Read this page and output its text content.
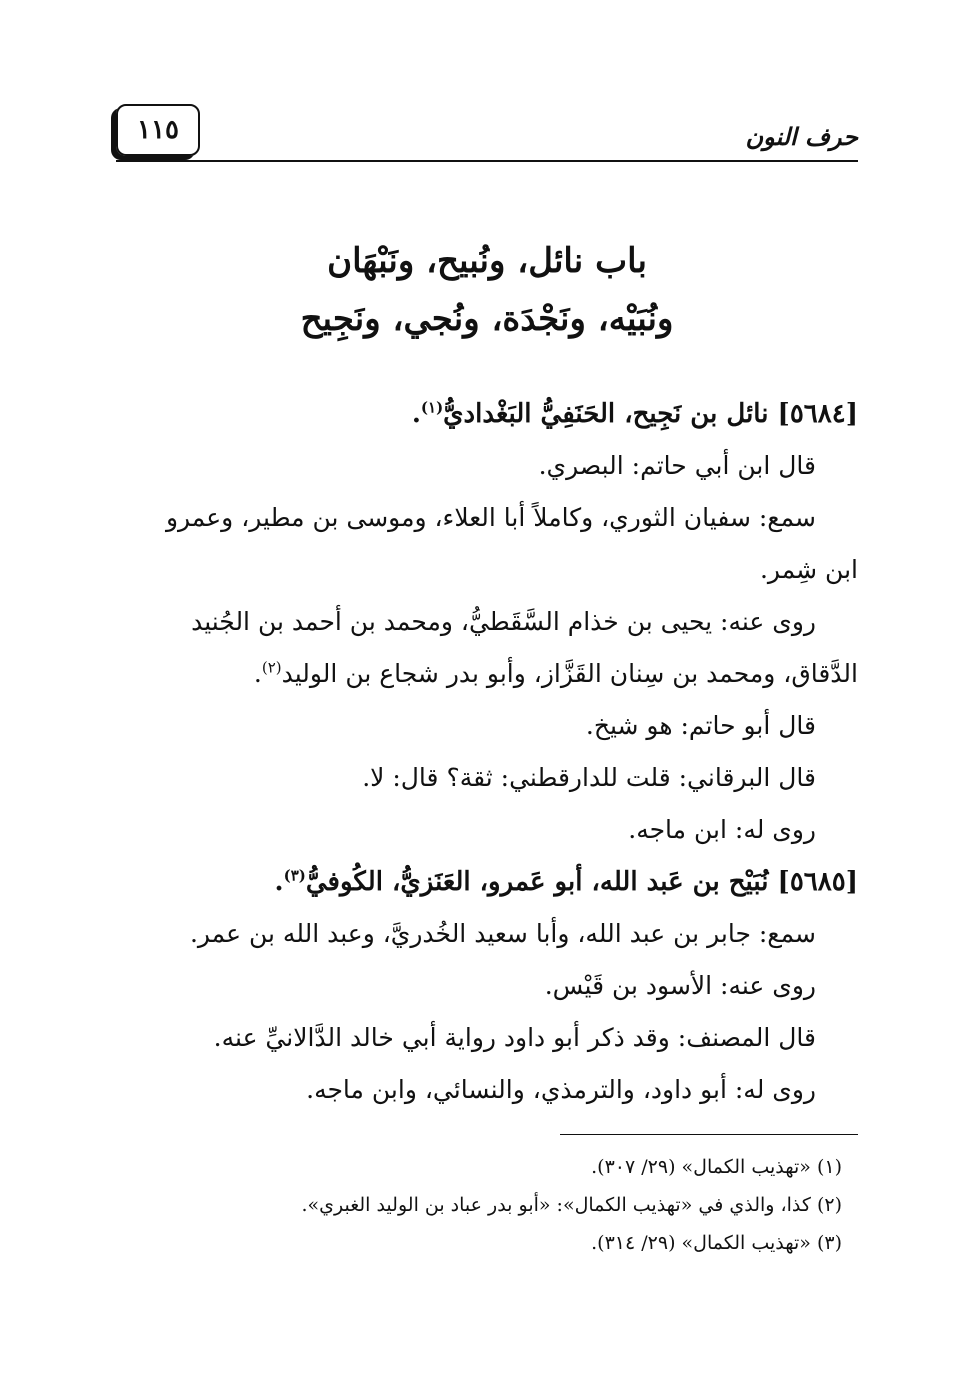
١١٥	حرف النون
باب نائل، ونُبيح، ونَبْهَان
ونُبَيْه، ونَجْدَة، ونُجي، ونَجِيح
[٥٦٨٤] نائل بن نَجِيح، الحَنَفِيُّ البَغْداديُّ$^{(١)}$.
قال ابن أبي حاتم: البصري.
سمع: سفيان الثوري، وكاملاً أبا العلاء، وموسى بن مطير، وعمرو
ابن شِمر.
روى عنه: يحيى بن خذام السَّقَطيُّ، ومحمد بن أحمد بن الجُنيد
الدَّقاق، ومحمد بن سِنان القَزَّاز، وأبو بدر شجاع بن الوليد$^{(٢)}$.
قال أبو حاتم: هو شيخ.
قال البرقاني: قلت للدارقطني: ثقة؟ قال: لا.
روى له: ابن ماجه.
[٥٦٨٥] نُبَيْح بن عَبد الله، أبو عَمرو، العَنَزيُّ، الكُوفيُّ$^{(٣)}$.
سمع: جابر بن عبد الله، وأبا سعيد الخُدريَّ، وعبد الله بن عمر.
روى عنه: الأسود بن قَيْس.
قال المصنف: وقد ذكر أبو داود رواية أبي خالد الدَّالانيِّ عنه.
روى له: أبو داود، والترمذي، والنسائي، وابن ماجه.
(١) «تهذيب الكمال» (٢٩/ ٣٠٧).
(٢) كذا، والذي في «تهذيب الكمال»: «أبو بدر عباد بن الوليد الغبري».
(٣) «تهذيب الكمال» (٢٩/ ٣١٤).
